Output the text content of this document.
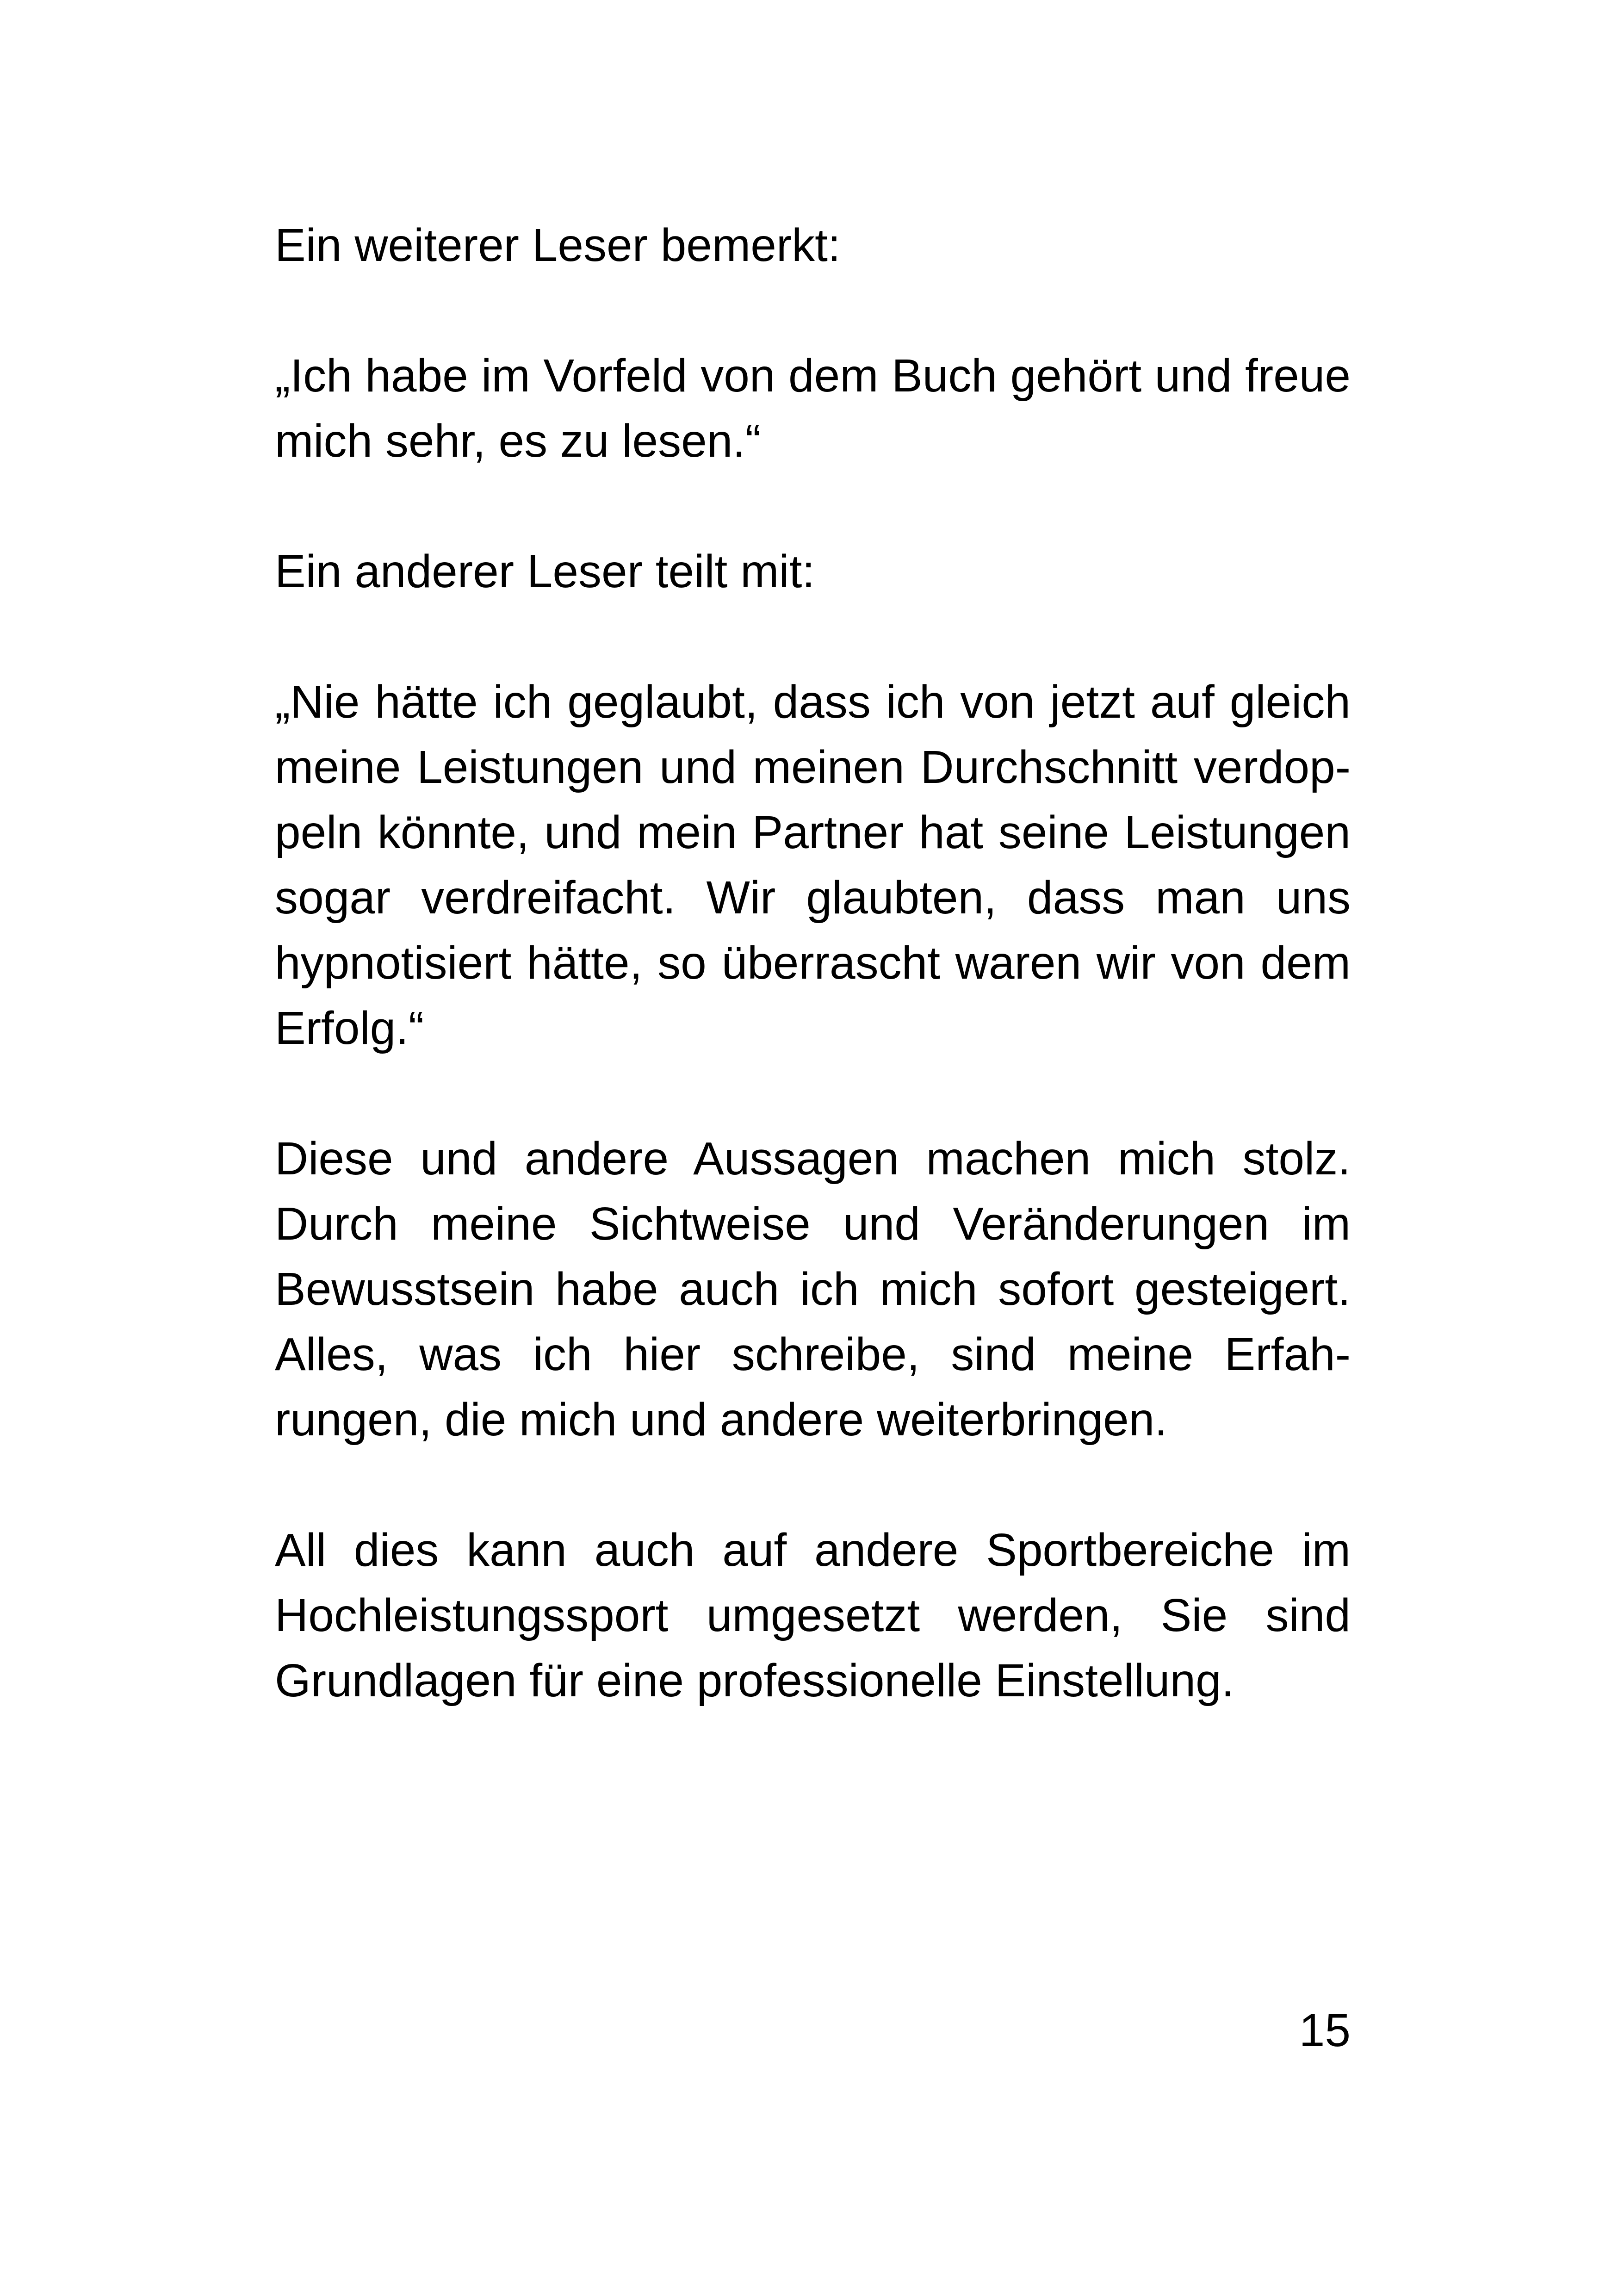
Ein weiterer Leser bemerkt:

„Ich habe im Vorfeld von dem Buch gehört und freue mich sehr, es zu lesen.“

Ein anderer Leser teilt mit:

„Nie hätte ich geglaubt, dass ich von jetzt auf gleich meine Leistungen und meinen Durchschnitt verdoppeln könnte, und mein Partner hat seine Leistungen sogar verdreifacht. Wir glaubten, dass man uns hypnotisiert hätte, so überrascht waren wir von dem Erfolg.“

Diese und andere Aussagen machen mich stolz. Durch meine Sichtweise und Veränderungen im Bewusstsein habe auch ich mich sofort gesteigert. Alles, was ich hier schreibe, sind meine Erfahrungen, die mich und andere weiterbringen.

All dies kann auch auf andere Sportbereiche im Hochleistungssport umgesetzt werden, Sie sind Grundlagen für eine professionelle Einstellung.

15
